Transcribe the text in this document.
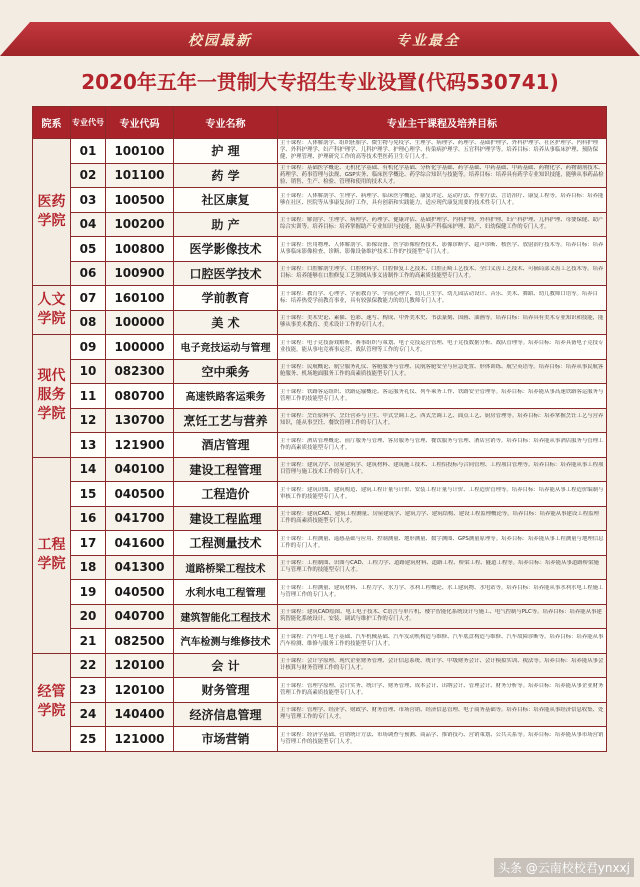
校园最新	专业最全
2020年五年一贯制大专招生专业设置(代码530741)
院系	专业代号	专业代码	专业名称	专业主干课程及培养目标
医药学院	01	100100	护 理	主干课程：人体解剖学、组织胚胎学、微生物与免疫学、生理学、病理学、药理学、基础护理学、外科护理学、社区护理学、内科护理学、外科护理学、妇产科护理学、儿科护理学、护理心理学、传染病护理学、五官科护理学等。培养目标：培养从事临床护理、预防保健、护理管理、护理研究工作的高等技术型医药卫生专门人才。

	02	101100	药 学	主干课程：基础医学概论、无机化学基础、有机化学基础、分析化学基础、药学基础、中药基础、中药基础、药物化学、药物制剂技术、药理学、药事管理与法规、GSP实务、临床医学概论、药学综合知识与技能等。培养目标：培养具有药学专业知识技能，能够从事药品检验、销售、生产、检验、管理和使用的技术人才。

	03	100500	社区康复	主干课程：人体解剖学、生理学、病理学、临床医学概论、康复评定、运动疗法、作业疗法、言语治疗、康复工程等。培养目标：培养能够在社区、医院等从事康复治疗工作，具有创新和实践能力，适应现代康复需要的技术性专门人才。

	04	100200	助 产	主干课程：解剖学、生理学、病理学、药理学、健康评估、基础护理学、内科护理、外科护理、妇产科护理、儿科护理、母婴保健、助产综合实训等。培养目标：培养掌握助产专业知识与技能，能从事产科临床护理、助产、妇幼保健工作的专门人才。

	05	100800	医学影像技术	主干课程：医用物理、人体解剖学、影像设备、医学影像检查技术、影像诊断学、超声诊断、核医学、放射治疗技术等。培养目标：培养从事临床影像检查、诊断、影像设备维护技术工作的"技能型"专门人才。

	06	100900	口腔医学技术	主干课程：口腔解剖生理学、口腔材料学、口腔修复工艺技术、口腔正畸工艺技术、全口义齿工艺技术、可摘局部义齿工艺技术等。培养目标：培养能够在口腔修复工艺领域从事义齿制作工作的高素质技能型专门人才。

人文学院	07	160100	学前教育	主干课程：教育学、心理学、学前教育学、学前心理学、幼儿卫生学、幼儿园活动设计、音乐、美术、舞蹈、幼儿教师口语等。培养目标：培养热爱学前教育事业，具有较强保教能力的幼儿教师专门人才。

	08	100000	美 术	主干课程：美术史论、素描、色彩、速写、构成、中外美术史、书法篆刻、国画、油画等。培养目标：培养具有美术专业知识和技能，能够从事美术教育、美术设计工作的专门人才。

现代服务学院	09	100000	电子竞技运动与管理	主干课程：电子竞技游戏解析、赛事组织与策划、电子竞技运营管理、电子竞技数据分析、战队管理等。培养目标：培养具备电子竞技专业技能，能从事电竞赛事运营、战队管理等工作的专门人才。

	10	082300	空中乘务	主干课程：民航概论、航空服务礼仪、客舱服务与管理、民航客舱安全与应急处置、形体训练、航空英语等。培养目标：培养从事民航客舱服务、机场地面服务工作的高素质技能型专门人才。

	11	080700	高速铁路客运乘务	主干课程：铁路客运组织、铁路运输概论、客运服务礼仪、列车乘务工作、铁路安全管理等。培养目标：培养能从事高速铁路客运服务与管理工作的技能型专门人才。

	12	130700	烹饪工艺与营养	主干课程：烹饪原料学、烹饪营养与卫生、中式烹调工艺、西式烹调工艺、面点工艺、厨房管理等。培养目标：培养掌握烹饪工艺与营养知识，能从事烹饪、餐饮管理工作的专门人才。

	13	121900	酒店管理	主干课程：酒店管理概论、前厅服务与管理、客房服务与管理、餐饮服务与管理、酒店营销等。培养目标：培养能从事酒店服务与管理工作的高素质技能型专门人才。

工程学院	14	040100	建设工程管理	主干课程：建筑力学、房屋建筑学、建筑材料、建筑施工技术、工程招投标与合同管理、工程项目管理等。培养目标：培养能从事工程项目管理与施工技术工作的专门人才。

	15	040500	工程造价	主干课程：建筑识图、建筑构造、建筑工程计量与计价、安装工程计量与计价、工程造价管理等。培养目标：培养能从事工程造价编制与审核工作的技能型专门人才。

	16	041700	建设工程监理	主干课程：建筑CAD、建筑工程测量、房屋建筑学、建筑力学、建筑结构、建设工程监理概论等。培养目标：培养能从事建设工程监理工作的高素质技能型专门人才。

	17	041600	工程测量技术	主干课程：工程测量、遥感基础与应用、控制测量、地形测量、数字测图、GPS测量原理等。培养目标：培养能从事工程测量与地理信息工作的专门人才。

	18	041300	道路桥梁工程技术	主干课程：工程制图、识图与CAD、工程力学、道路建筑材料、道路工程、桥梁工程、隧道工程等。培养目标：培养能从事道路桥梁施工与管理工作的技能型专门人才。

	19	040500	水利水电工程管理	主干课程：工程测量、建筑材料、工程力学、水力学、水利工程概论、水工建筑物、水电站等。培养目标：培养能从事水利水电工程施工与管理工作的专门人才。

	20	040700	建筑智能化工程技术	主干课程：建筑CAD绘图、电工电子技术、C语言与单片机、楼宇智能化系统设计与施工、电气控制与PLC等。培养目标：培养能从事建筑智能化系统设计、安装、调试与维护工作的专门人才。

	21	082500	汽车检测与维修技术	主干课程：汽车电工电子基础、汽车机械基础、汽车发动机构造与维修、汽车底盘构造与维修、汽车故障诊断等。培养目标：培养能从事汽车检测、维修与服务工作的技能型专门人才。

经管学院	22	120100	会 计	主干课程：会计学原理、现代企业财务管理、会计信息系统、统计学、中级财务会计、会计模拟实训、税法等。培养目标：培养能从事会计核算与财务管理工作的专门人才。

	23	120100	财务管理	主干课程：管理学原理、会计实务、统计学、财务管理、成本会计、出纳会计、管理会计、财务分析等。培养目标：培养能从事企业财务管理工作的高素质技能型专门人才。

	24	140400	经济信息管理	主干课程：管理学、经济学、财政学、财务管理、市场营销、经济信息管理、电子商务基础等。培养目标：培养能从事经济信息收集、处理与管理工作的专门人才。

	25	121000	市场营销	主干课程：经济学基础、营销统计方法、市场调查与预测、商品学、推销技巧、营销策划、公共关系等。培养目标：培养能从事市场营销与管理工作的技能型专门人才。
头条 @云南校校君ynxxj
